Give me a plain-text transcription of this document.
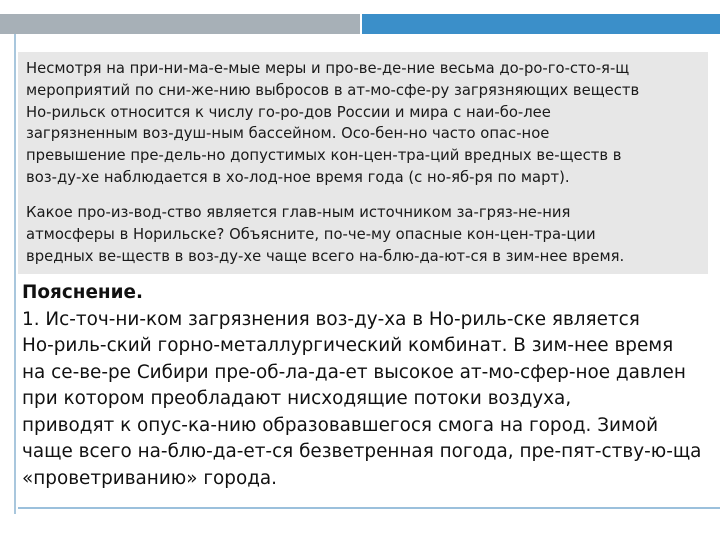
Несмотря на при-ни-ма-е-мые меры и про-ве-де-ние весьма до-ро-го-сто-я-щ
мероприятий по сни-же-нию выбросов в ат-мо-сфе-ру загрязняющих веществ
Но-рильск относится к числу го-ро-дов России и мира с наи-бо-лее
загрязненным воз-душ-ным бассейном. Осо-бен-но часто опас-ное
превышение пре-дель-но допустимых кон-цен-тра-ций вредных ве-ществ в
воз-ду-хе наблюдается в хо-лод-ное время года (с но-яб-ря по март).
Какое про-из-вод-ство является глав-ным источником за-гряз-не-ния
атмосферы в Норильске? Объясните, по-че-му опасные кон-цен-тра-ции
вредных ве-ществ в воз-ду-хе чаще всего на-блю-да-ют-ся в зим-нее время.
Пояснение.
1. Ис-точ-ни-ком загрязнения воз-ду-ха в Но-риль-ске является
Но-риль-ский горно-металлургический комбинат. В зим-нее время
на се-ве-ре Сибири пре-об-ла-да-ет высокое ат-мо-сфер-ное давлен
при котором преобладают нисходящие потоки воздуха,
приводят к опус-ка-нию образовавшегося смога на город. Зимой
чаще всего на-блю-да-ет-ся безветренная погода, пре-пят-ству-ю-ща
«проветриванию» города.
